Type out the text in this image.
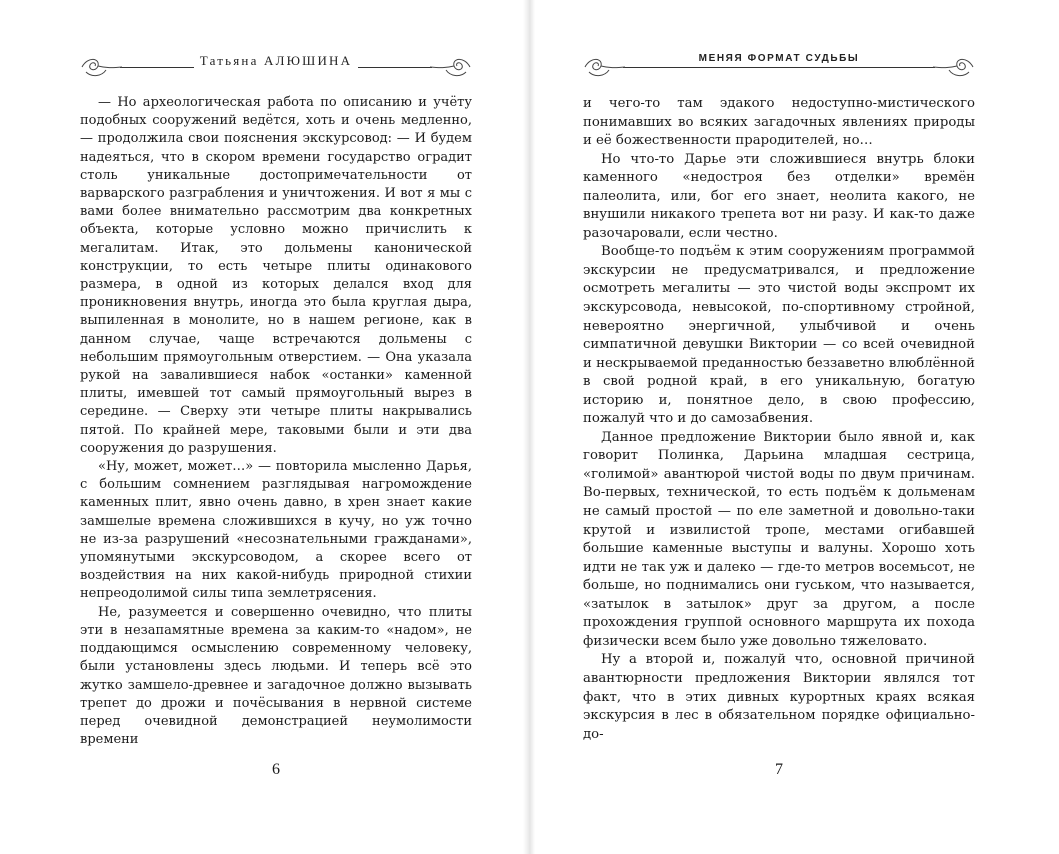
Татьяна АЛЮШИНА

— Но археологическая работа по описанию и учёту подобных сооружений ведётся, хоть и очень медленно, — продолжила свои пояснения экскурсовод: — И будем надеяться, что в скором времени государство оградит столь уникальные достопримечательности от варварского разграбления и уничтожения. И вот я мы с вами более внимательно рассмотрим два конкретных объекта, которые условно можно причислить к мегалитам. Итак, это дольмены канонической конструкции, то есть четыре плиты одинакового размера, в одной из которых делался вход для проникновения внутрь, иногда это была круглая дыра, выпиленная в монолите, но в нашем регионе, как в данном случае, чаще встречаются дольмены с небольшим прямоугольным отверстием. — Она указала рукой на завалившиеся набок «останки» каменной плиты, имевшей тот самый прямоугольный вырез в середине. — Сверху эти четыре плиты накрывались пятой. По крайней мере, таковыми были и эти два сооружения до разрушения.

«Ну, может, может…» — повторила мысленно Дарья, с большим сомнением разглядывая нагромождение каменных плит, явно очень давно, в хрен знает какие замшелые времена сложившихся в кучу, но уж точно не из-за разрушений «несознательными гражданами», упомянутыми экскурсоводом, а скорее всего от воздействия на них какой-нибудь природной стихии непреодолимой силы типа землетрясения.

Не, разумеется и совершенно очевидно, что плиты эти в незапамятные времена за каким-то «надом», не поддающимся осмыслению современному человеку, были установлены здесь людьми. И теперь всё это жутко замшело-древнее и загадочное должно вызывать трепет до дрожи и почёсывания в нервной системе перед очевидной демонстрацией неумолимости времени

6
МЕНЯЯ ФОРМАТ СУДЬБЫ

и чего-то там эдакого недоступно-мистического понимавших во всяких загадочных явлениях природы и её божественности прародителей, но…

Но что-то Дарье эти сложившиеся внутрь блоки каменного «недостроя без отделки» времён палеолита, или, бог его знает, неолита какого, не внушили никакого трепета вот ни разу. И как-то даже разочаровали, если честно.

Вообще-то подъём к этим сооружениям программой экскурсии не предусматривался, и предложение осмотреть мегалиты — это чистой воды экспромт их экскурсовода, невысокой, по-спортивному стройной, невероятно энергичной, улыбчивой и очень симпатичной девушки Виктории — со всей очевидной и нескрываемой преданностью беззаветно влюблённой в свой родной край, в его уникальную, богатую историю и, понятное дело, в свою профессию, пожалуй что и до самозабвения.

Данное предложение Виктории было явной и, как говорит Полинка, Дарьина младшая сестрица, «голимой» авантюрой чистой воды по двум причинам. Во-первых, технической, то есть подъём к дольменам не самый простой — по еле заметной и довольно-таки крутой и извилистой тропе, местами огибавшей большие каменные выступы и валуны. Хорошо хоть идти не так уж и далеко — где-то метров восемьсот, не больше, но поднимались они гуськом, что называется, «затылок в затылок» друг за другом, а после прохождения группой основного маршрута их похода физически всем было уже довольно тяжеловато.

Ну а второй и, пожалуй что, основной причиной авантюрности предложения Виктории являлся тот факт, что в этих дивных курортных краях всякая экскурсия в лес в обязательном порядке официально-до-

7
